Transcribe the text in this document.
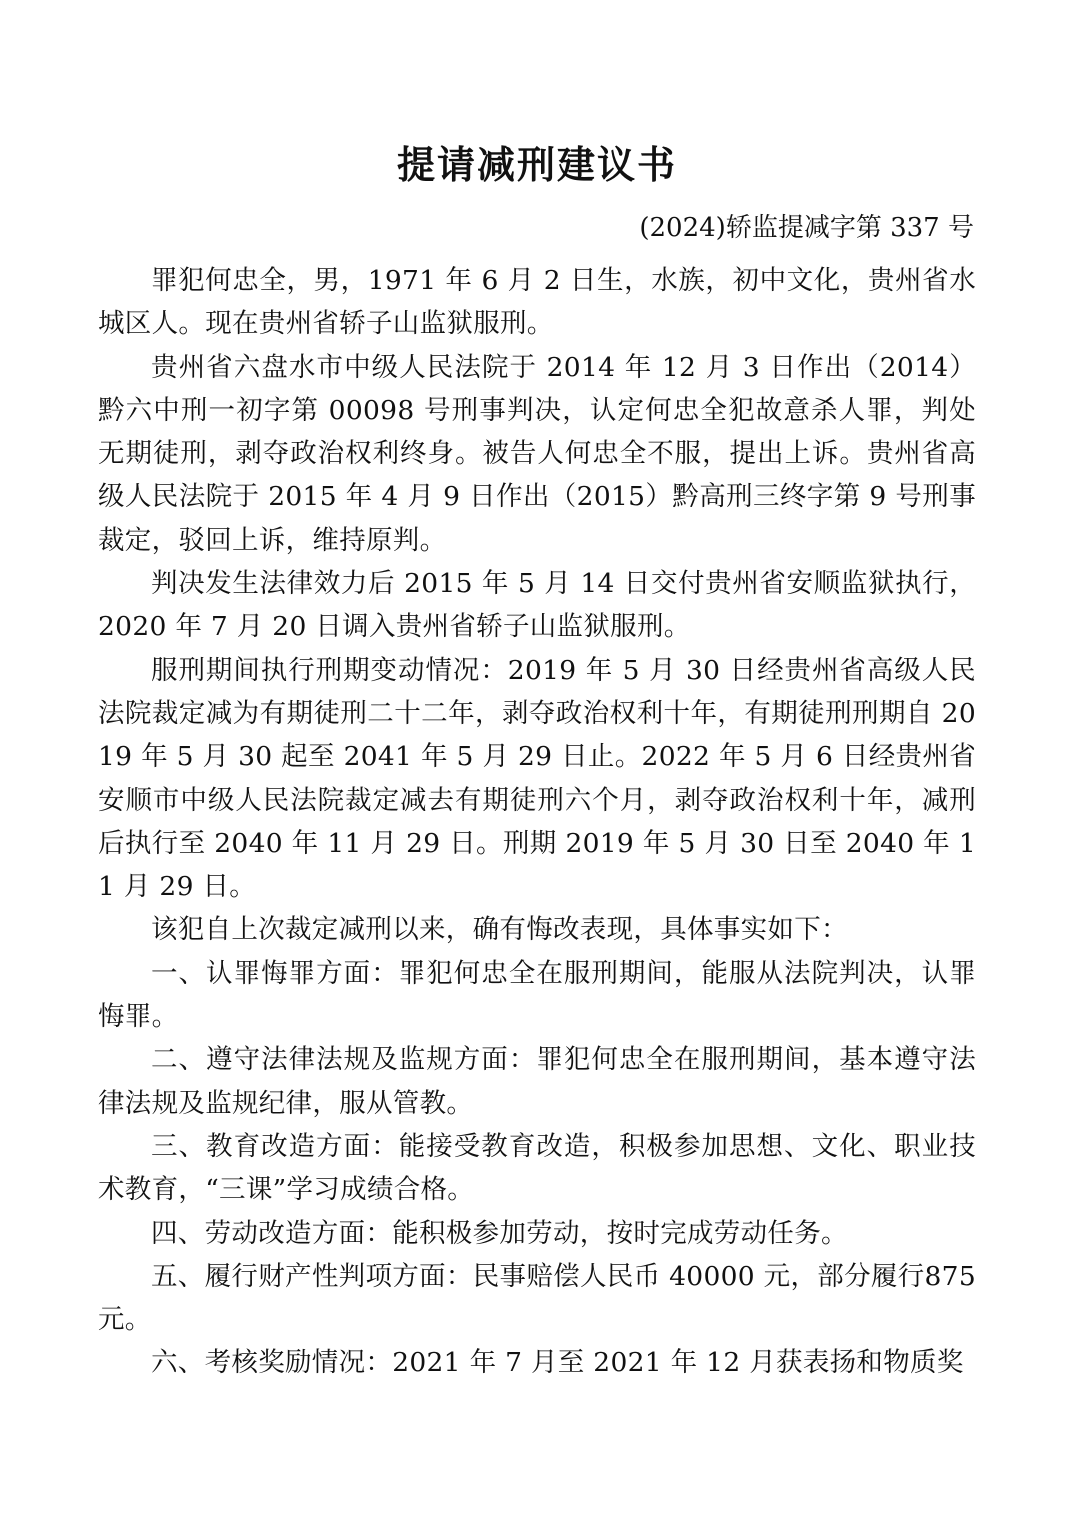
提请减刑建议书
(2024)轿监提减字第 337 号

罪犯何忠全，男，1971 年 6 月 2 日生，水族，初中文化，贵州省水城区人。现在贵州省轿子山监狱服刑。

贵州省六盘水市中级人民法院于 2014 年 12 月 3 日作出（2014）黔六中刑一初字第 00098 号刑事判决，认定何忠全犯故意杀人罪，判处无期徒刑，剥夺政治权利终身。被告人何忠全不服，提出上诉。贵州省高级人民法院于 2015 年 4 月 9 日作出（2015）黔高刑三终字第 9 号刑事裁定，驳回上诉，维持原判。

判决发生法律效力后 2015 年 5 月 14 日交付贵州省安顺监狱执行，2020 年 7 月 20 日调入贵州省轿子山监狱服刑。

服刑期间执行刑期变动情况：2019 年 5 月 30 日经贵州省高级人民法院裁定减为有期徒刑二十二年，剥夺政治权利十年，有期徒刑刑期自 2019 年 5 月 30 起至 2041 年 5 月 29 日止。2022 年 5 月 6 日经贵州省安顺市中级人民法院裁定减去有期徒刑六个月，剥夺政治权利十年，减刑后执行至 2040 年 11 月 29 日。刑期 2019 年 5 月 30 日至 2040 年 11 月 29 日。

该犯自上次裁定减刑以来，确有悔改表现，具体事实如下：

一、认罪悔罪方面：罪犯何忠全在服刑期间，能服从法院判决，认罪悔罪。

二、遵守法律法规及监规方面：罪犯何忠全在服刑期间，基本遵守法律法规及监规纪律，服从管教。

三、教育改造方面：能接受教育改造，积极参加思想、文化、职业技术教育，“三课”学习成绩合格。

四、劳动改造方面：能积极参加劳动，按时完成劳动任务。

五、履行财产性判项方面：民事赔偿人民币 40000 元，部分履行875 元。

六、考核奖励情况：2021 年 7 月至 2021 年 12 月获表扬和物质奖
